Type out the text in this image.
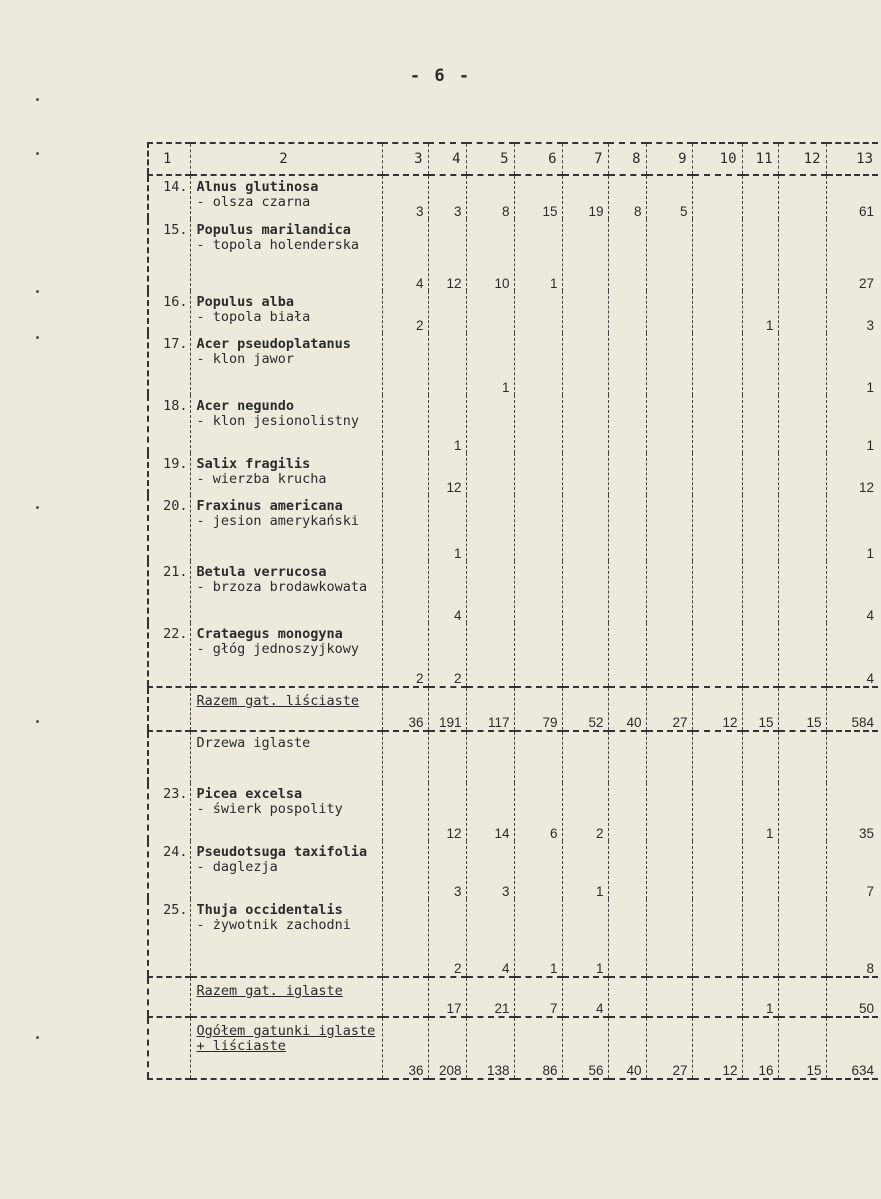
- 6 -
1	2	3	4	5	6	7	8	9	10	11	12	13
14.	Alnus glutinosa
- olsza czarna	3	3	8	15	19	8	5				61
15.	Populus marilandica
- topola holenderska	4	12	10	1							27
16.	Populus alba
- topola biała	2								1		3
17.	Acer pseudoplatanus
- klon jawor			1								1
18.	Acer negundo
- klon jesionolistny		1									1
19.	Salix fragilis
- wierzba krucha		12									12
20.	Fraxinus americana
- jesion amerykański		1									1
21.	Betula verrucosa
- brzoza brodawkowata		4									4
22.	Crataegus monogyna
- głóg jednoszyjkowy	2	2									4
	Razem gat. liściaste	36	191	117	79	52	40	27	12	15	15	584
	Drzewa iglaste											
23.	Picea excelsa
- świerk pospolity		12	14	6	2				1		35
24.	Pseudotsuga taxifolia
- daglezja		3	3		1						7
25.	Thuja occidentalis
- żywotnik zachodni		2	4	1	1						8
	Razem gat. iglaste		17	21	7	4				1		50
	Ogółem gatunki iglaste + liściaste	36	208	138	86	56	40	27	12	16	15	634
